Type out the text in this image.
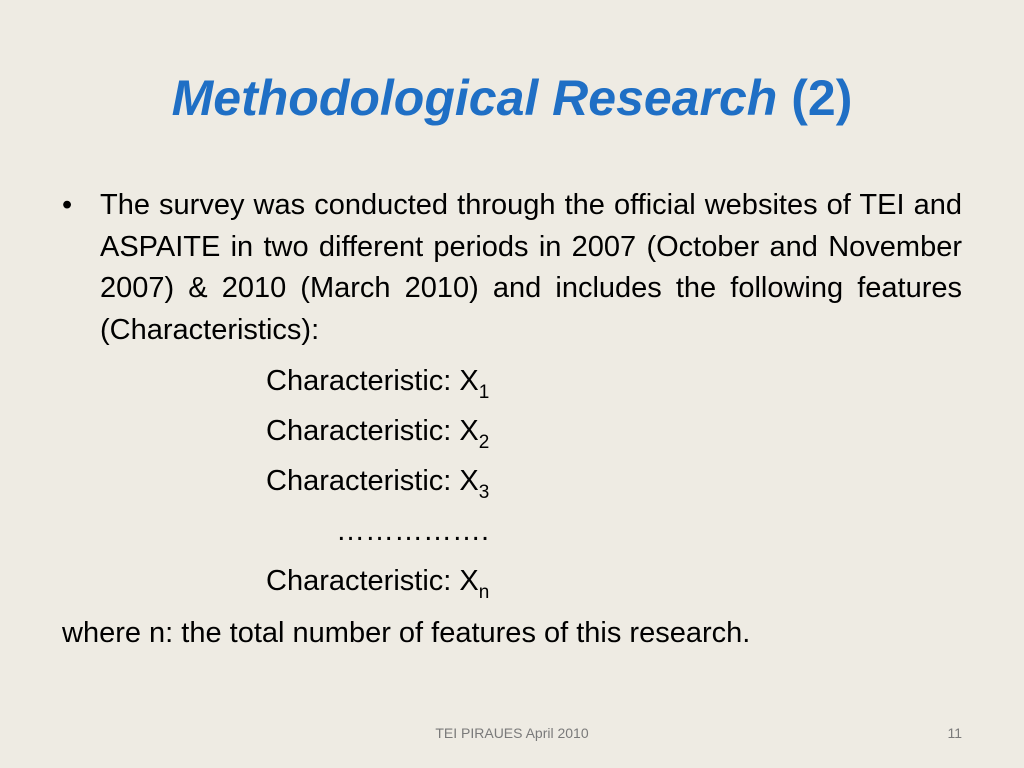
Methodological Research (2)
• The survey was conducted through the official websites of TEI and ASPAITE in two different periods in 2007 (October and November 2007) & 2010 (March 2010) and includes the following features (Characteristics):
Characteristic: $X_1$
Characteristic: $X_2$
Characteristic: $X_3$
…………….
Characteristic: $X_n$
where n: the total number of features of this research.
TEI PIRAUES April 2010	11
